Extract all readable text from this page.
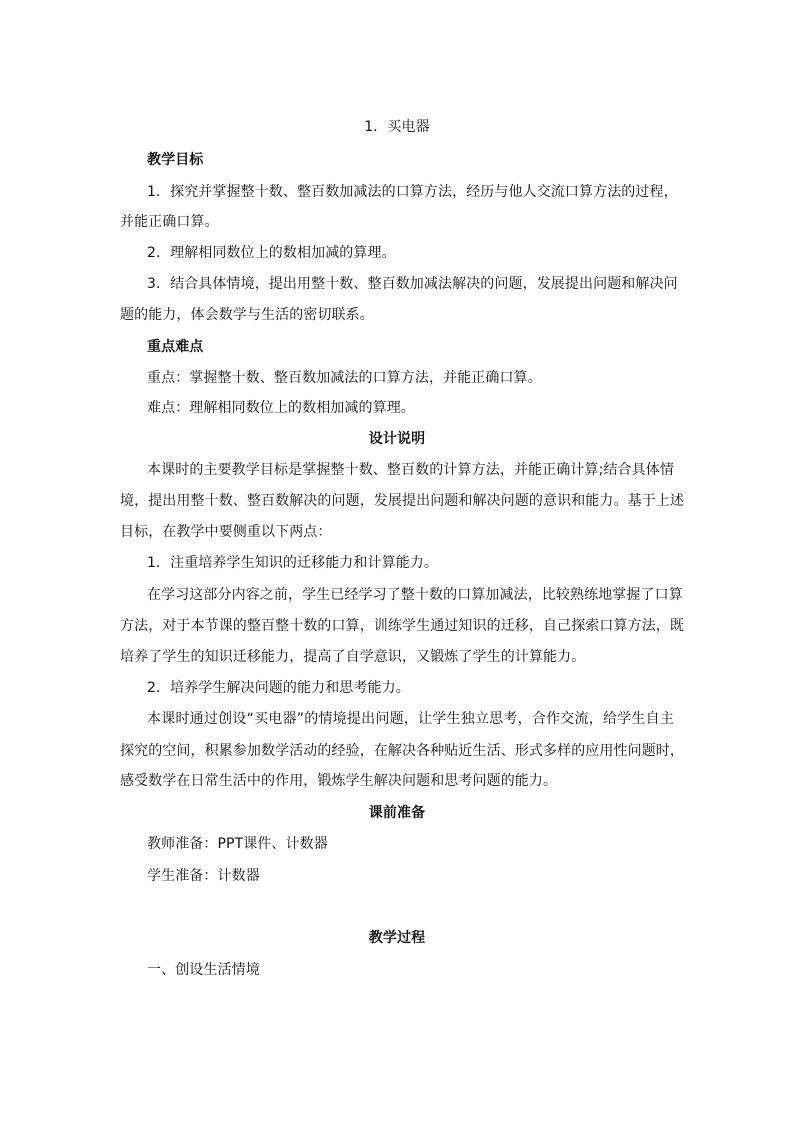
1．买电器
教学目标
1．探究并掌握整十数、整百数加减法的口算方法，经历与他人交流口算方法的过程，
并能正确口算。
2．理解相同数位上的数相加减的算理。
3．结合具体情境，提出用整十数、整百数加减法解决的问题，发展提出问题和解决问
题的能力，体会数学与生活的密切联系。
重点难点
重点：掌握整十数、整百数加减法的口算方法，并能正确口算。
难点：理解相同数位上的数相加减的算理。
设计说明
本课时的主要教学目标是掌握整十数、整百数的计算方法，并能正确计算;结合具体情
境，提出用整十数、整百数解决的问题，发展提出问题和解决问题的意识和能力。基于上述
目标，在教学中要侧重以下两点：
1．注重培养学生知识的迁移能力和计算能力。
在学习这部分内容之前，学生已经学习了整十数的口算加减法，比较熟练地掌握了口算
方法，对于本节课的整百整十数的口算，训练学生通过知识的迁移，自己探索口算方法，既
培养了学生的知识迁移能力，提高了自学意识，又锻炼了学生的计算能力。
2．培养学生解决问题的能力和思考能力。
本课时通过创设“买电器”的情境提出问题，让学生独立思考，合作交流，给学生自主
探究的空间，积累参加数学活动的经验，在解决各种贴近生活、形式多样的应用性问题时，
感受数学在日常生活中的作用，锻炼学生解决问题和思考问题的能力。
课前准备
教师准备：PPT课件、计数器
学生准备：计数器
教学过程
一、创设生活情境
